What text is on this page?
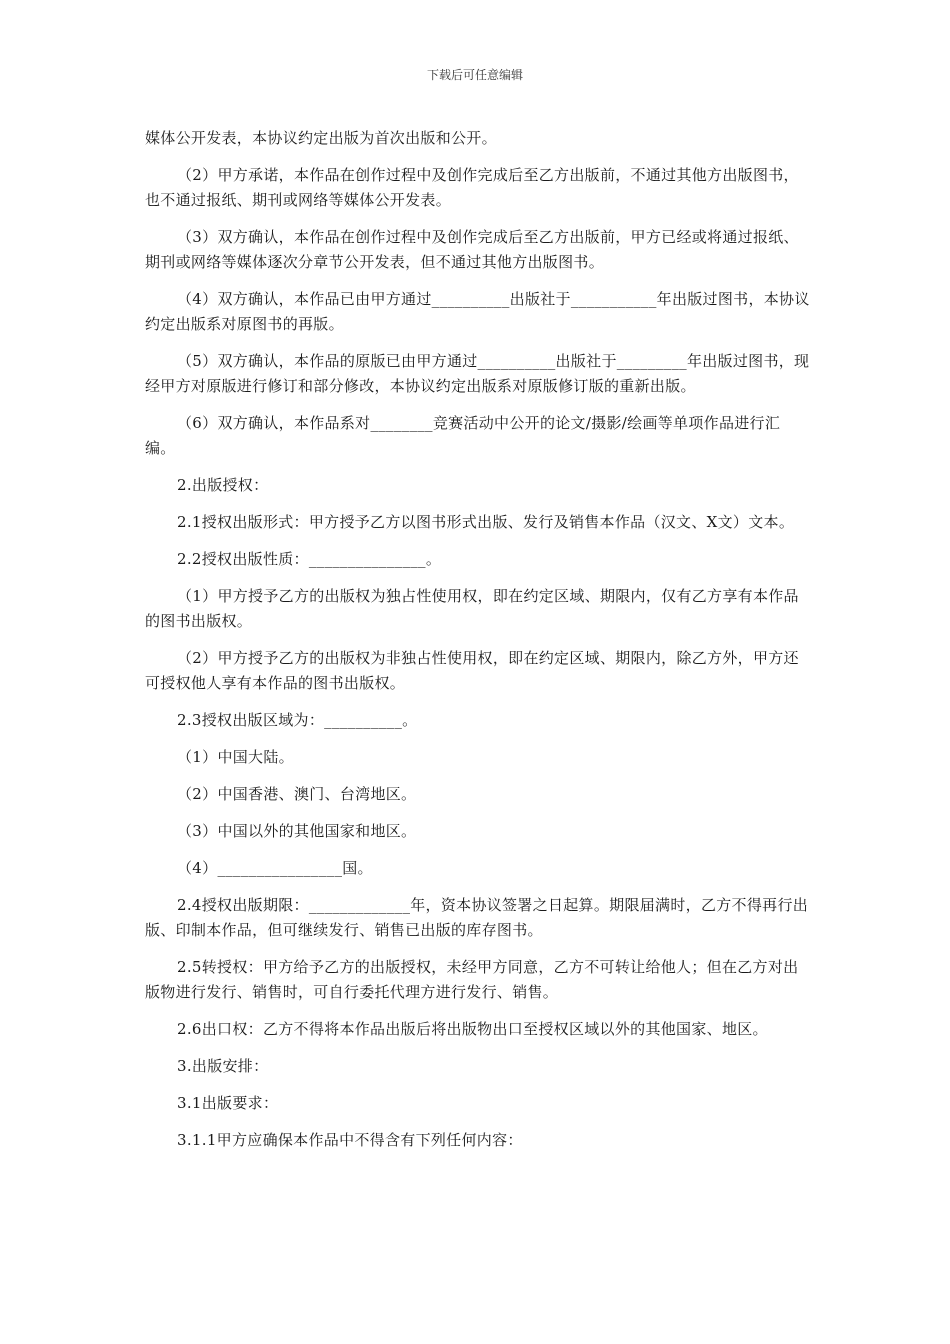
下载后可任意编辑

媒体公开发表，本协议约定出版为首次出版和公开。

（2）甲方承诺，本作品在创作过程中及创作完成后至乙方出版前，不通过其他方出版图书，也不通过报纸、期刊或网络等媒体公开发表。

（3）双方确认，本作品在创作过程中及创作完成后至乙方出版前，甲方已经或将通过报纸、期刊或网络等媒体逐次分章节公开发表，但不通过其他方出版图书。

（4）双方确认，本作品已由甲方通过__________出版社于___________年出版过图书，本协议约定出版系对原图书的再版。

（5）双方确认，本作品的原版已由甲方通过__________出版社于_________年出版过图书，现经甲方对原版进行修订和部分修改，本协议约定出版系对原版修订版的重新出版。

（6）双方确认，本作品系对________竞赛活动中公开的论文/摄影/绘画等单项作品进行汇编。

2.出版授权：

2.1授权出版形式：甲方授予乙方以图书形式出版、发行及销售本作品（汉文、X文）文本。

2.2授权出版性质：_______________。

（1）甲方授予乙方的出版权为独占性使用权，即在约定区域、期限内，仅有乙方享有本作品的图书出版权。

（2）甲方授予乙方的出版权为非独占性使用权，即在约定区域、期限内，除乙方外，甲方还可授权他人享有本作品的图书出版权。

2.3授权出版区域为：__________。

（1）中国大陆。

（2）中国香港、澳门、台湾地区。

（3）中国以外的其他国家和地区。

（4）________________国。

2.4授权出版期限：_____________年，资本协议签署之日起算。期限届满时，乙方不得再行出版、印制本作品，但可继续发行、销售已出版的库存图书。

2.5转授权：甲方给予乙方的出版授权，未经甲方同意，乙方不可转让给他人；但在乙方对出版物进行发行、销售时，可自行委托代理方进行发行、销售。

2.6出口权：乙方不得将本作品出版后将出版物出口至授权区域以外的其他国家、地区。

3.出版安排：

3.1出版要求：

3.1.1甲方应确保本作品中不得含有下列任何内容：
